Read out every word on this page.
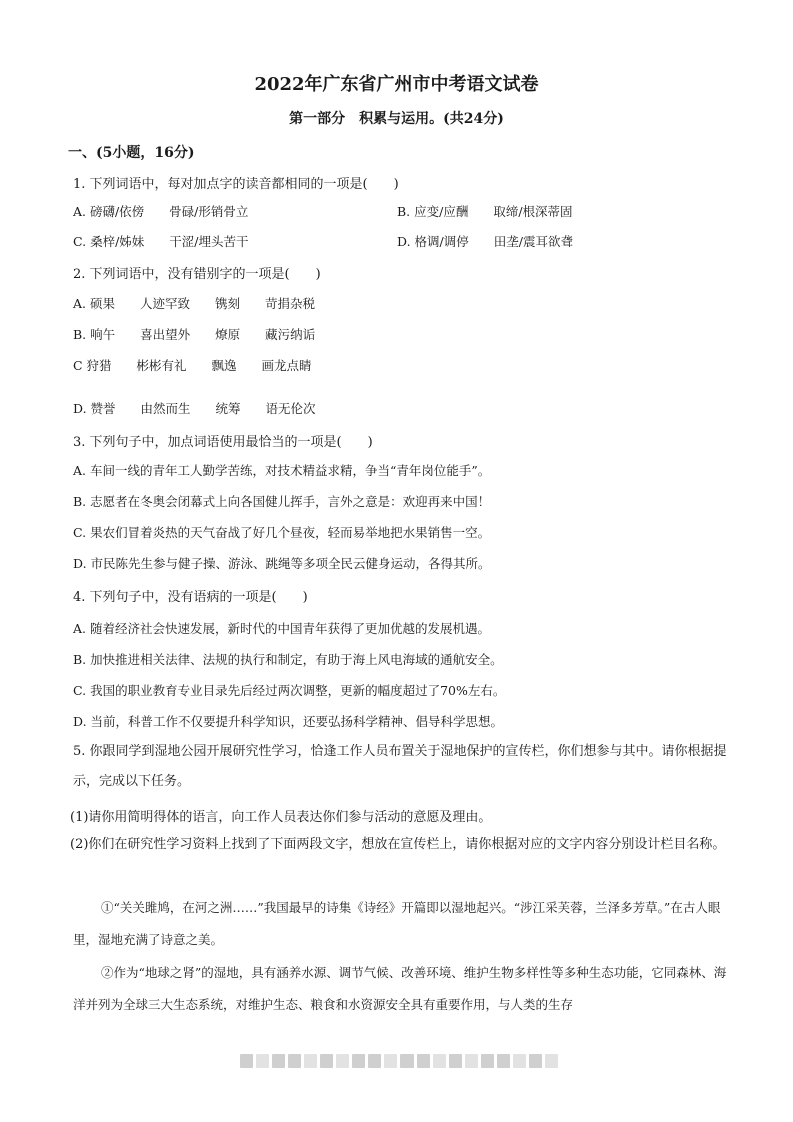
2022年广东省广州市中考语文试卷
第一部分　积累与运用。(共24分)
一、(5小题，16分)
1. 下列词语中，每对加点字的读音都相同的一项是(　　)
A. 磅礴/依傍　　骨碌/形销骨立	B. 应变/应酬　　取缔/根深蒂固
C. 桑梓/姊妹　　干涩/埋头苦干	D. 格调/调停　　田垄/震耳欲聋
2. 下列词语中，没有错别字的一项是(　　)
A. 硕果　　人迹罕致　　镌刻　　苛捐杂税
B. 响午　　喜出望外　　燎原　　藏污纳诟
C 狩猎　　彬彬有礼　　飘逸　　画龙点睛
D. 赞誉　　由然而生　　统筹　　语无伦次
3. 下列句子中，加点词语使用最恰当的一项是(　　)
A. 车间一线的青年工人勤学苦练，对技术精益求精，争当“青年岗位能手”。
B. 志愿者在冬奥会闭幕式上向各国健儿挥手，言外之意是：欢迎再来中国！
C. 果农们冒着炎热的天气奋战了好几个昼夜，轻而易举地把水果销售一空。
D. 市民陈先生参与健子操、游泳、跳绳等多项全民云健身运动，各得其所。
4. 下列句子中，没有语病的一项是(　　)
A. 随着经济社会快速发展，新时代的中国青年获得了更加优越的发展机遇。
B. 加快推进相关法律、法规的执行和制定，有助于海上风电海域的通航安全。
C. 我国的职业教育专业目录先后经过两次调整，更新的幅度超过了70%左右。
D. 当前，科普工作不仅要提升科学知识，还要弘扬科学精神、倡导科学思想。
5. 你跟同学到湿地公园开展研究性学习，恰逢工作人员布置关于湿地保护的宣传栏，你们想参与其中。请你根据提示，完成以下任务。
(1)请你用简明得体的语言，向工作人员表达你们参与活动的意愿及理由。
(2)你们在研究性学习资料上找到了下面两段文字，想放在宣传栏上，请你根据对应的文字内容分别设计栏目名称。
①“关关雎鸠，在河之洲……”我国最早的诗集《诗经》开篇即以湿地起兴。“涉江采芙蓉，兰泽多芳草。”在古人眼里，湿地充满了诗意之美。
②作为“地球之肾”的湿地，具有涵养水源、调节气候、改善环境、维护生物多样性等多种生态功能，它同森林、海洋并列为全球三大生态系统，对维护生态、粮食和水资源安全具有重要作用，与人类的生存
